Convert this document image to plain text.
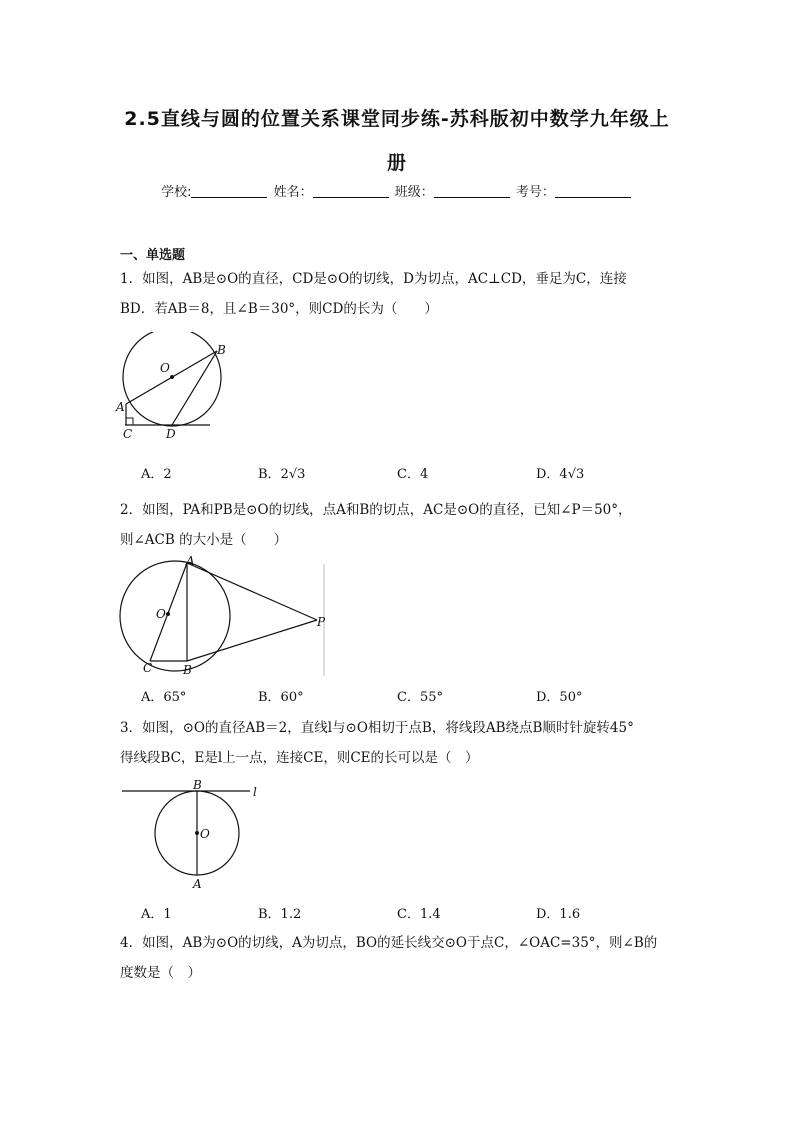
2.5直线与圆的位置关系课堂同步练-苏科版初中数学九年级上
册
学校:	姓名：	班级：	考号：
一、单选题
1．如图，AB是⊙O的直径，CD是⊙O的切线，D为切点，AC⊥CD，垂足为C，连接
BD．若AB＝8，且∠B＝30°，则CD的长为（　　）
O
B
A
C	D
A．2	B．2√3	C．4	D．4√3
2．如图，PA和PB是⊙O的切线，点A和B的切点，AC是⊙O的直径，已知∠P＝50°，
则∠ACB 的大小是（　　）
O
A
C	B
P
A．65°	B．60°	C．55°	D．50°
3．如图，⊙O的直径AB＝2，直线l与⊙O相切于点B，将线段AB绕点B顺时针旋转45°
得线段BC，E是l上一点，连接CE，则CE的长可以是（　）
B	l
O
A
A．1	B．1.2	C．1.4	D．1.6
4．如图，AB为⊙O的切线，A为切点，BO的延长线交⊙O于点C，∠OAC=35°，则∠B的
度数是（　）
